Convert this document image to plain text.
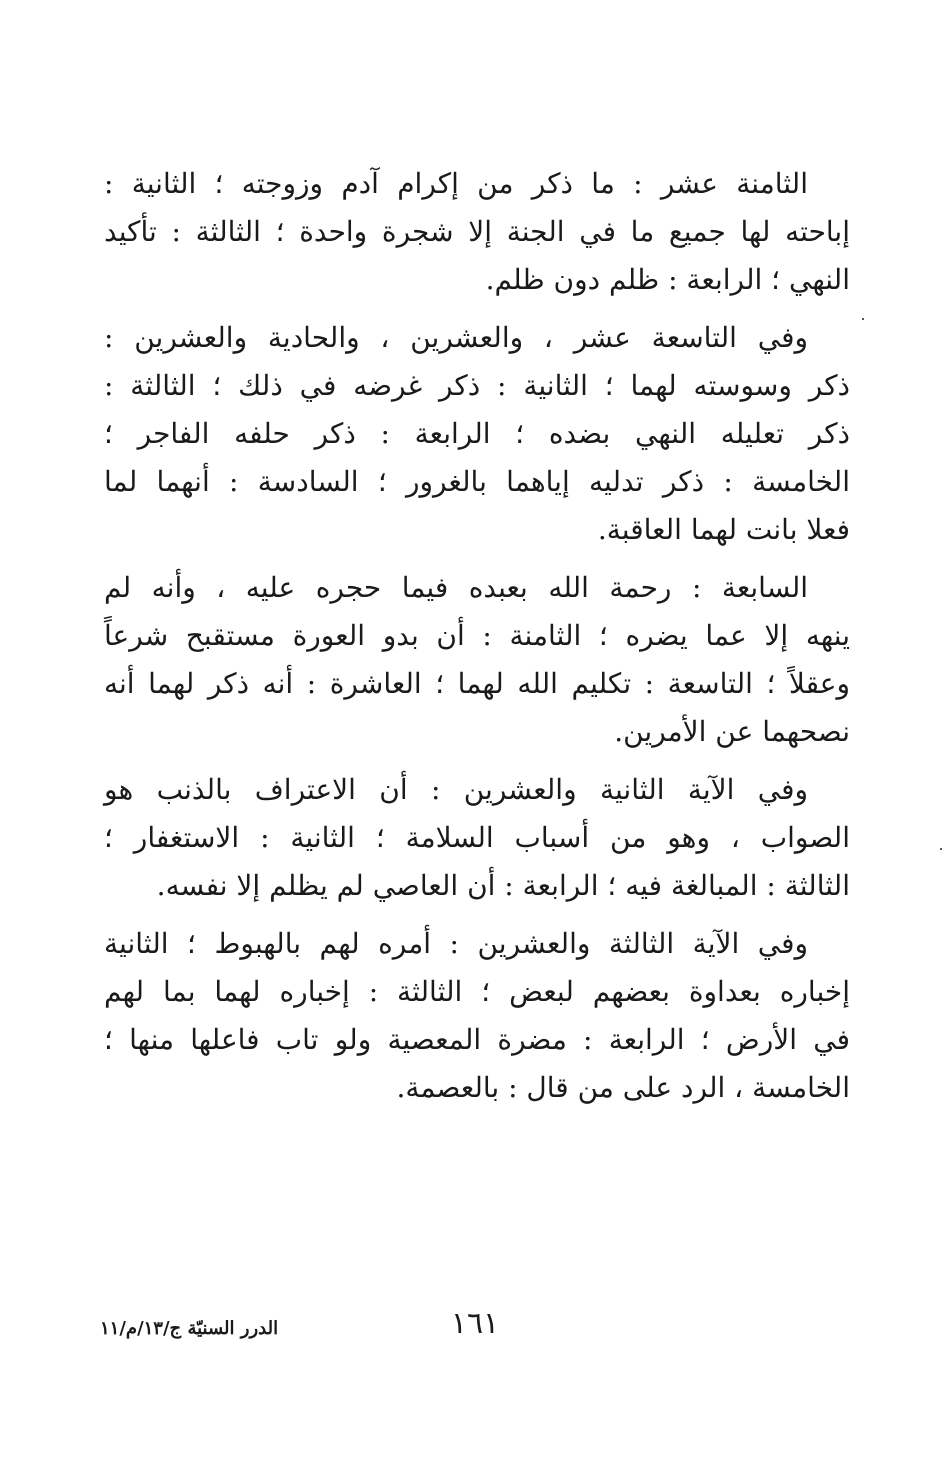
الثامنة عشر : ما ذكر من إكرام آدم وزوجته ؛ الثانية :
إباحته لها جميع ما في الجنة إلا شجرة واحدة ؛ الثالثة : تأكيد
النهي ؛ الرابعة : ظلم دون ظلم.

وفي التاسعة عشر ، والعشرين ، والحادية والعشرين :
ذكر وسوسته لهما ؛ الثانية : ذكر غرضه في ذلك ؛ الثالثة :
ذكر تعليله النهي بضده ؛ الرابعة : ذكر حلفه الفاجر ؛
الخامسة : ذكر تدليه إياهما بالغرور ؛ السادسة : أنهما لما
فعلا بانت لهما العاقبة.

السابعة : رحمة الله بعبده فيما حجره عليه ، وأنه لم
ينهه إلا عما يضره ؛ الثامنة : أن بدو العورة مستقبح شرعاً
وعقلاً ؛ التاسعة : تكليم الله لهما ؛ العاشرة : أنه ذكر لهما أنه
نصحهما عن الأمرين.

وفي الآية الثانية والعشرين : أن الاعتراف بالذنب هو
الصواب ، وهو من أسباب السلامة ؛ الثانية : الاستغفار ؛
الثالثة : المبالغة فيه ؛ الرابعة : أن العاصي لم يظلم إلا نفسه.

وفي الآية الثالثة والعشرين : أمره لهم بالهبوط ؛ الثانية
إخباره بعداوة بعضهم لبعض ؛ الثالثة : إخباره لهما بما لهم
في الأرض ؛ الرابعة : مضرة المعصية ولو تاب فاعلها منها ؛
الخامسة ، الرد على من قال : بالعصمة.

١٦١
الدرر السنيّة ج/١٣/م/١١
